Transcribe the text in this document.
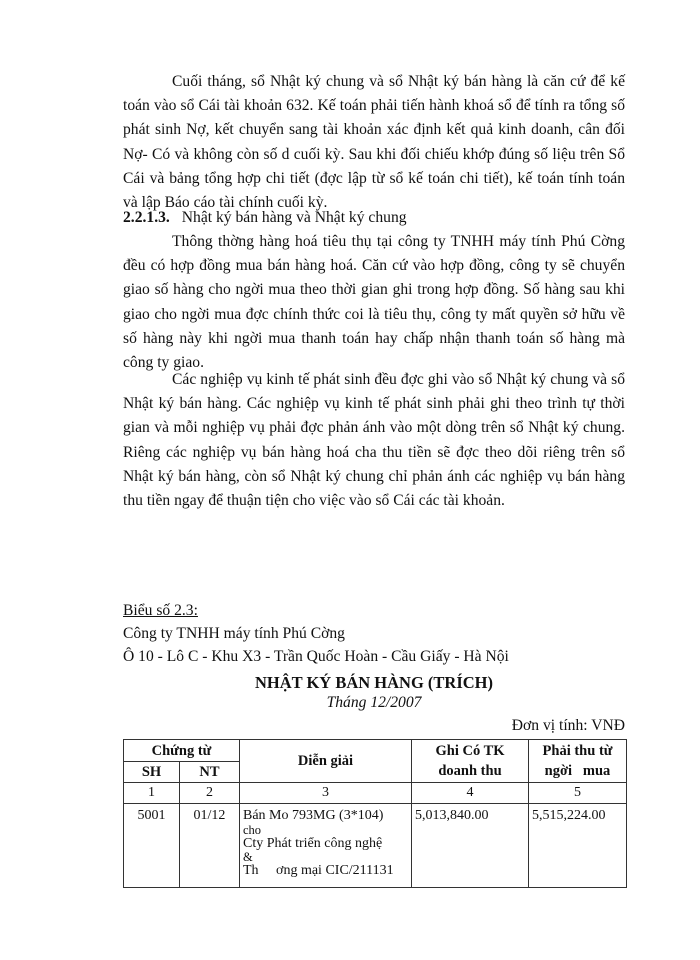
Cuối tháng, sổ Nhật ký chung và sổ Nhật ký bán hàng là căn cứ để kế toán vào sổ Cái tài khoản 632. Kế toán phải tiến hành khoá sổ để tính ra tổng số phát sinh Nợ, kết chuyển sang tài khoản xác định kết quả kinh doanh, cân đối Nợ- Có và không còn số d cuối kỳ. Sau khi đối chiếu khớp đúng số liệu trên Sổ Cái và bảng tổng hợp chi tiết (đợc lập từ sổ kế toán chi tiết), kế toán tính toán và lập Báo cáo tài chính cuối kỳ.

2.2.1.3. Nhật ký bán hàng và Nhật ký chung

Thông thờng hàng hoá tiêu thụ tại công ty TNHH máy tính Phú Cờng đều có hợp đồng mua bán hàng hoá. Căn cứ vào hợp đồng, công ty sẽ chuyển giao số hàng cho ngời mua theo thời gian ghi trong hợp đồng. Số hàng sau khi giao cho ngời mua đợc chính thức coi là tiêu thụ, công ty mất quyền sở hữu về số hàng này khi ngời mua thanh toán hay chấp nhận thanh toán số hàng mà công ty giao.

Các nghiệp vụ kinh tế phát sinh đều đợc ghi vào sổ Nhật ký chung và sổ Nhật ký bán hàng. Các nghiệp vụ kinh tế phát sinh phải ghi theo trình tự thời gian và mỗi nghiệp vụ phải đợc phản ánh vào một dòng trên sổ Nhật ký chung. Riêng các nghiệp vụ bán hàng hoá cha thu tiền sẽ đợc theo dõi riêng trên sổ Nhật ký bán hàng, còn sổ Nhật ký chung chỉ phản ánh các nghiệp vụ bán hàng thu tiền ngay để thuận tiện cho việc vào sổ Cái các tài khoản.

Biểu số 2.3:

Công ty TNHH máy tính Phú Cờng

Ô 10 - Lô C - Khu X3 - Trần Quốc Hoàn - Cầu Giấy - Hà Nội

NHẬT KÝ BÁN HÀNG (TRÍCH)

Tháng 12/2007

Đơn vị tính: VNĐ

Chứng từ		Diễn giải	Ghi Có TK
doanh thu	Phải thu từ
ngời   mua

SH	NT			
1	2	3	4	5
5001	01/12	Bán Mo 793MG (3*104)
cho
Cty Phát triển công nghệ
&
Th     ơng mại CIC/211131	5,013,840.00	5,515,224.00
